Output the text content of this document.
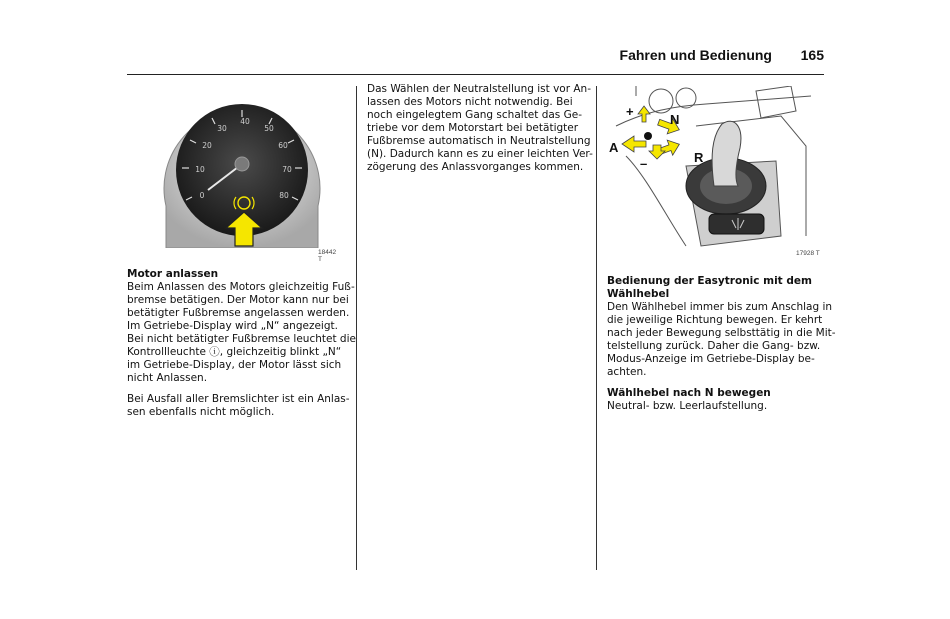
Fahren und Bedienung 165
0
10
20
30
40
50
60
70
80
18442 T

Motor anlassen
Beim Anlassen des Motors gleichzeitig Fuß-
bremse betätigen. Der Motor kann nur bei
betätigter Fußbremse angelassen werden.
Im Getriebe-Display wird „N“ angezeigt.
Bei nicht betätigter Fußbremse leuchtet die
Kontrollleuchte ⓘ, gleichzeitig blinkt „N“
im Getriebe-Display, der Motor lässt sich
nicht Anlassen.

Bei Ausfall aller Bremslichter ist ein Anlas-
sen ebenfalls nicht möglich.

Das Wählen der Neutralstellung ist vor An-
lassen des Motors nicht notwendig. Bei
noch eingelegtem Gang schaltet das Ge-
triebe vor dem Motorstart bei betätigter
Fußbremse automatisch in Neutralstellung
(N). Dadurch kann es zu einer leichten Ver-
zögerung des Anlassvorganges kommen.

+
N
A
–	R
17928 T

Bedienung der Easytronic mit dem
Wählhebel
Den Wählhebel immer bis zum Anschlag in
die jeweilige Richtung bewegen. Er kehrt
nach jeder Bewegung selbsttätig in die Mit-
telstellung zurück. Daher die Gang- bzw.
Modus-Anzeige im Getriebe-Display be-
achten.

Wählhebel nach N bewegen
Neutral- bzw. Leerlaufstellung.
